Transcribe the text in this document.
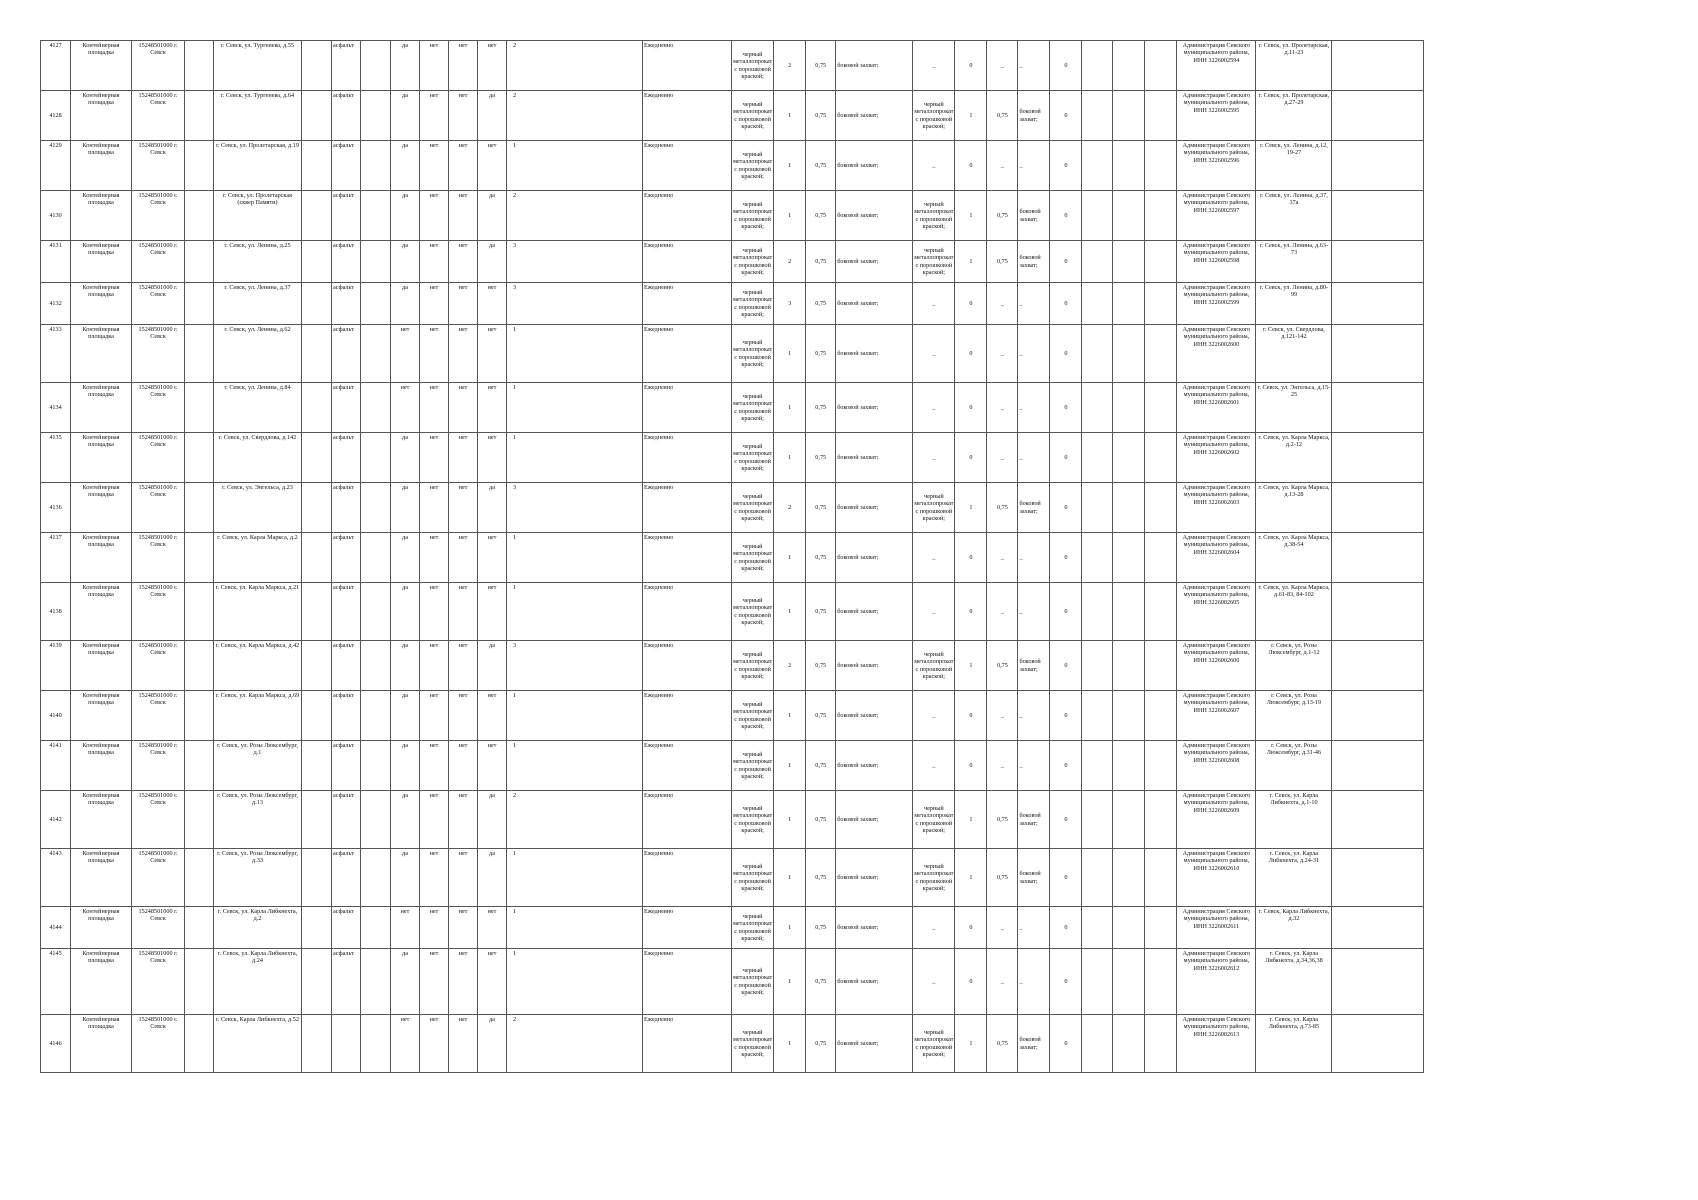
4127	Контейнерная площадка	15248501000 г. Севск		г. Севск, ул. Тургенева, д.55		асфальт		да	нет	нет	нет	2	Ежедневно	черный металлопрокат с порошковой краской;	2	0,75	боковой захват;	_	0	_	_	0				Администрация Севского муниципального района, ИНН 3226002594	г. Севск, ул. Пролетарская, д.11-23	
4128	Контейнерная площадка	15248501000 г. Севск		г. Севск, ул. Тургенева, д.64		асфальт		да	нет	нет	да	2	Ежедневно	черный металлопрокат с порошковой краской;	1	0,75	боковой захват;	черный металлопрокат с порошковой краской;	1	0,75	боковой захват;	0				Администрация Севского муниципального района, ИНН 3226002595	г. Севск, ул. Пролетарская, д.27-29	
4129	Контейнерная площадка	15248501000 г. Севск		г. Севск, ул. Пролетарская, д.19		асфальт		да	нет	нет	нет	1	Ежедневно	черный металлопрокат с порошковой краской;	1	0,75	боковой захват;	_	0	_	_	0				Администрация Севского муниципального района, ИНН 3226002596	г. Севск, ул. Ленина, д.12, 19-27	
4130	Контейнерная площадка	15248501000 г. Севск		г. Севск, ул. Пролетарская (сквер Памяти)		асфальт		да	нет	нет	да	2	Ежедневно	черный металлопрокат с порошковой краской;	1	0,75	боковой захват;	черный металлопрокат с порошковой краской;	1	0,75	боковой захват;	0				Администрация Севского муниципального района, ИНН 3226002597	г. Севск, ул. Ленина, д.37, 37а	
4131	Контейнерная площадка	15248501000 г. Севск		г. Севск, ул. Ленина, д.25		асфальт		да	нет	нет	да	3	Ежедневно	черный металлопрокат с порошковой краской;	2	0,75	боковой захват;	черный металлопрокат с порошковой краской;	1	0,75	боковой захват;	0				Администрация Севского муниципального района, ИНН 3226002598	г. Севск, ул. Ленина, д.63-73	
4132	Контейнерная площадка	15248501000 г. Севск		г. Севск, ул. Ленина, д.37		асфальт		да	нет	нет	нет	3	Ежедневно	черный металлопрокат с порошковой краской;	3	0,75	боковой захват;	_	0	_	_	0				Администрация Севского муниципального района, ИНН 3226002599	г. Севск, ул. Ленина, д.80-99	
4133	Контейнерная площадка	15248501000 г. Севск		г. Севск, ул. Ленина, д.62		асфальт		нет	нет	нет	нет	1	Ежедневно	черный металлопрокат с порошковой краской;	1	0,75	боковой захват;	_	0	_	_	0				Администрация Севского муниципального района, ИНН 3226002600	г. Севск, ул. Свердлова, д.121-142	
4134	Контейнерная площадка	15248501000 г. Севск		г. Севск, ул. Ленина, д.84		асфальт		нет	нет	нет	нет	1	Ежедневно	черный металлопрокат с порошковой краской;	1	0,75	боковой захват;	_	0	_	_	0				Администрация Севского муниципального района, ИНН 3226002601	г. Севск, ул. Энгельса, д.15-25	
4135	Контейнерная площадка	15248501000 г. Севск		г. Севск, ул. Свердлова, д.142		асфальт		да	нет	нет	нет	1	Ежедневно	черный металлопрокат с порошковой краской;	1	0,75	боковой захват;	_	0	_	_	0				Администрация Севского муниципального района, ИНН 3226002602	г. Севск, ул. Карла Маркса, д.2-12	
4136	Контейнерная площадка	15248501000 г. Севск		г. Севск, ул. Энгельса, д.23		асфальт		да	нет	нет	да	3	Ежедневно	черный металлопрокат с порошковой краской;	2	0,75	боковой захват;	черный металлопрокат с порошковой краской;	1	0,75	боковой захват;	0				Администрация Севского муниципального района, ИНН 3226002603	г. Севск, ул. Карла Маркса, д.13-28	
4137	Контейнерная площадка	15248501000 г. Севск		г. Севск, ул. Карла Маркса, д.2		асфальт		да	нет	нет	нет	1	Ежедневно	черный металлопрокат с порошковой краской;	1	0,75	боковой захват;	_	0	_	_	0				Администрация Севского муниципального района, ИНН 3226002604	г. Севск, ул. Карла Маркса, д.38-54	
4138	Контейнерная площадка	15248501000 г. Севск		г. Севск, ул. Карла Маркса, д.21		асфальт		да	нет	нет	нет	1	Ежедневно	черный металлопрокат с порошковой краской;	1	0,75	боковой захват;	_	0	_	_	0				Администрация Севского муниципального района, ИНН 3226002605	г. Севск, ул. Карла Маркса, д.61-83, 84-102	
4139	Контейнерная площадка	15248501000 г. Севск		г. Севск, ул. Карла Маркса, д.42		асфальт		да	нет	нет	да	3	Ежедневно	черный металлопрокат с порошковой краской;	2	0,75	боковой захват;	черный металлопрокат с порошковой краской;	1	0,75	боковой захват;	0				Администрация Севского муниципального района, ИНН 3226002606	г. Севск, ул. Розы Люксембург, д.1-12	
4140	Контейнерная площадка	15248501000 г. Севск		г. Севск, ул. Карла Маркса, д.69		асфальт		да	нет	нет	нет	1	Ежедневно	черный металлопрокат с порошковой краской;	1	0,75	боковой захват;	_	0	_	_	0				Администрация Севского муниципального района, ИНН 3226002607	г. Севск, ул. Розы Люксембург, д.13-19	
4141	Контейнерная площадка	15248501000 г. Севск		г. Севск, ул. Розы Люксембург, д.1		асфальт		да	нет	нет	нет	1	Ежедневно	черный металлопрокат с порошковой краской;	1	0,75	боковой захват;	_	0	_	_	0				Администрация Севского муниципального района, ИНН 3226002608	г. Севск, ул. Розы Люксембург, д.31-46	
4142	Контейнерная площадка	15248501000 г. Севск		г. Севск, ул. Розы Люксембург, д.13		асфальт		да	нет	нет	да	2	Ежедневно	черный металлопрокат с порошковой краской;	1	0,75	боковой захват;	черный металлопрокат с порошковой краской;	1	0,75	боковой захват;	0				Администрация Севского муниципального района, ИНН 3226002609	г. Севск, ул. Карла Либкнехта, д.1-10	
4143	Контейнерная площадка	15248501000 г. Севск		г. Севск, ул. Розы Люксембург, д.33		асфальт		да	нет	нет	да	1	Ежедневно	черный металлопрокат с порошковой краской;	1	0,75	боковой захват;	черный металлопрокат с порошковой краской;	1	0,75	боковой захват;	0				Администрация Севского муниципального района, ИНН 3226002610	г. Севск, ул. Карла Либкнехта, д.24-31	
4144	Контейнерная площадка	15248501000 г. Севск		г. Севск, ул. Карла Либкнехта, д.2		асфальт		нет	нет	нет	нет	1	Ежедневно	черный металлопрокат с порошковой краской;	1	0,75	боковой захват;	_	0	_	_	0				Администрация Севского муниципального района, ИНН 3226002611	г. Севск, Карла Либкнехта, д.32	
4145	Контейнерная площадка	15248501000 г. Севск		г. Севск, ул. Карла Либкнехта, д.24		асфальт		да	нет	нет	нет	1	Ежедневно	черный металлопрокат с порошковой краской;	1	0,75	боковой захват;	_	0	_	_	0				Администрация Севского муниципального района, ИНН 3226002612	г. Севск, ул. Карла Либкнехта, д.34,36,38	
4146	Контейнерная площадка	15248501000 г. Севск		г. Севск, Карла Либкнехта, д.52				нет	нет	нет	да	2	Ежедневно	черный металлопрокат с порошковой краской;	1	0,75	боковой захват;	черный металлопрокат с порошковой краской;	1	0,75	боковой захват;	0				Администрация Севского муниципального района, ИНН 3226002613	г. Севск, ул. Карла Либкнехта, д.73-85	
